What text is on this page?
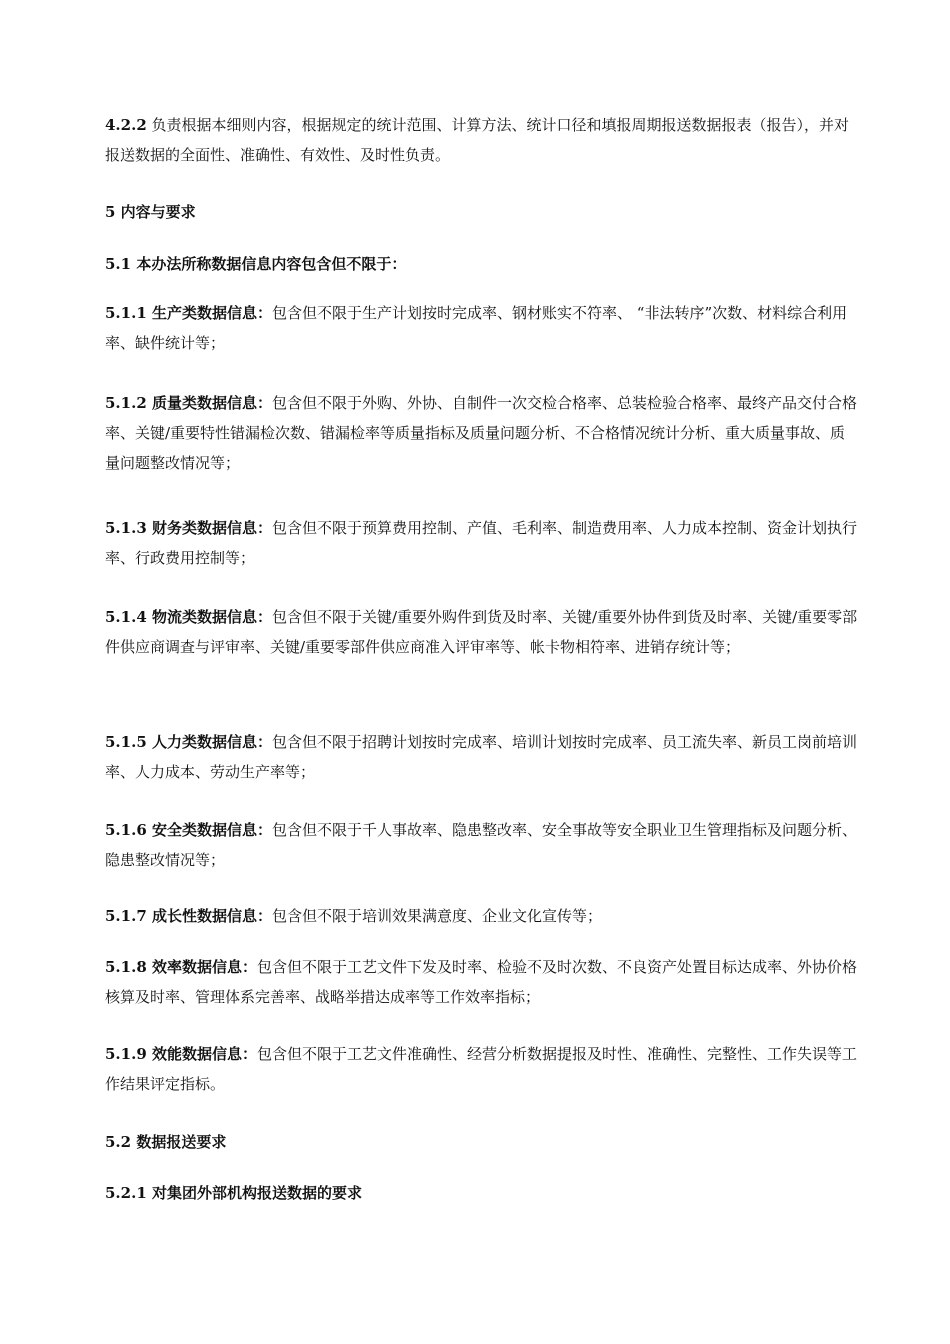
4.2.2 负责根据本细则内容，根据规定的统计范围、计算方法、统计口径和填报周期报送数据报表（报告），并对报送数据的全面性、准确性、有效性、及时性负责。

5 内容与要求

5.1 本办法所称数据信息内容包含但不限于：

5.1.1 生产类数据信息：包含但不限于生产计划按时完成率、钢材账实不符率、 “非法转序”次数、材料综合利用率、缺件统计等；

5.1.2 质量类数据信息：包含但不限于外购、外协、自制件一次交检合格率、总装检验合格率、最终产品交付合格率、关键/重要特性错漏检次数、错漏检率等质量指标及质量问题分析、不合格情况统计分析、重大质量事故、质量问题整改情况等；

5.1.3 财务类数据信息：包含但不限于预算费用控制、产值、毛利率、制造费用率、人力成本控制、资金计划执行率、行政费用控制等；

5.1.4 物流类数据信息：包含但不限于关键/重要外购件到货及时率、关键/重要外协件到货及时率、关键/重要零部件供应商调查与评审率、关键/重要零部件供应商准入评审率等、帐卡物相符率、进销存统计等；

5.1.5 人力类数据信息：包含但不限于招聘计划按时完成率、培训计划按时完成率、员工流失率、新员工岗前培训率、人力成本、劳动生产率等；

5.1.6 安全类数据信息：包含但不限于千人事故率、隐患整改率、安全事故等安全职业卫生管理指标及问题分析、隐患整改情况等；

5.1.7 成长性数据信息：包含但不限于培训效果满意度、企业文化宣传等；

5.1.8 效率数据信息：包含但不限于工艺文件下发及时率、检验不及时次数、不良资产处置目标达成率、外协价格核算及时率、管理体系完善率、战略举措达成率等工作效率指标；

5.1.9 效能数据信息：包含但不限于工艺文件准确性、经营分析数据提报及时性、准确性、完整性、工作失误等工作结果评定指标。

5.2 数据报送要求

5.2.1 对集团外部机构报送数据的要求
